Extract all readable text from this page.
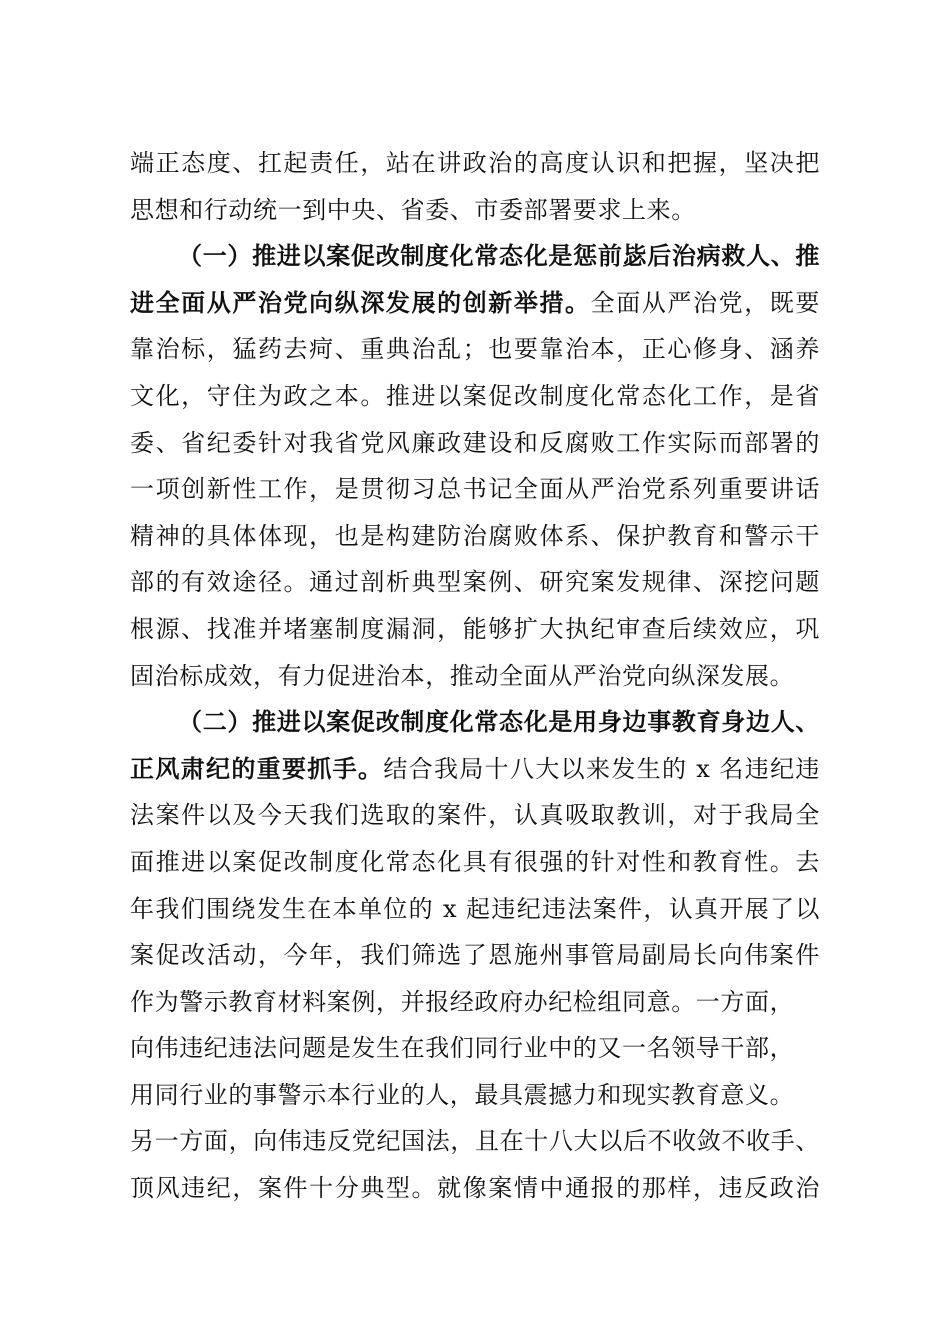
端正态度、扛起责任，站在讲政治的高度认识和把握，坚决把
思想和行动统一到中央、省委、市委部署要求上来。
（一）推进以案促改制度化常态化是惩前毖后治病救人、推
进全面从严治党向纵深发展的创新举措。全面从严治党，既要
靠治标，猛药去疴、重典治乱；也要靠治本，正心修身、涵养
文化，守住为政之本。推进以案促改制度化常态化工作，是省
委、省纪委针对我省党风廉政建设和反腐败工作实际而部署的
一项创新性工作，是贯彻习总书记全面从严治党系列重要讲话
精神的具体体现，也是构建防治腐败体系、保护教育和警示干
部的有效途径。通过剖析典型案例、研究案发规律、深挖问题
根源、找准并堵塞制度漏洞，能够扩大执纪审查后续效应，巩
固治标成效，有力促进治本，推动全面从严治党向纵深发展。
（二）推进以案促改制度化常态化是用身边事教育身边人、
正风肃纪的重要抓手。结合我局十八大以来发生的 x 名违纪违
法案件以及今天我们选取的案件，认真吸取教训，对于我局全
面推进以案促改制度化常态化具有很强的针对性和教育性。去
年我们围绕发生在本单位的 x 起违纪违法案件，认真开展了以
案促改活动，今年，我们筛选了恩施州事管局副局长向伟案件
作为警示教育材料案例，并报经政府办纪检组同意。一方面，
向伟违纪违法问题是发生在我们同行业中的又一名领导干部，
用同行业的事警示本行业的人，最具震撼力和现实教育意义。
另一方面，向伟违反党纪国法，且在十八大以后不收敛不收手、
顶风违纪，案件十分典型。就像案情中通报的那样，违反政治
